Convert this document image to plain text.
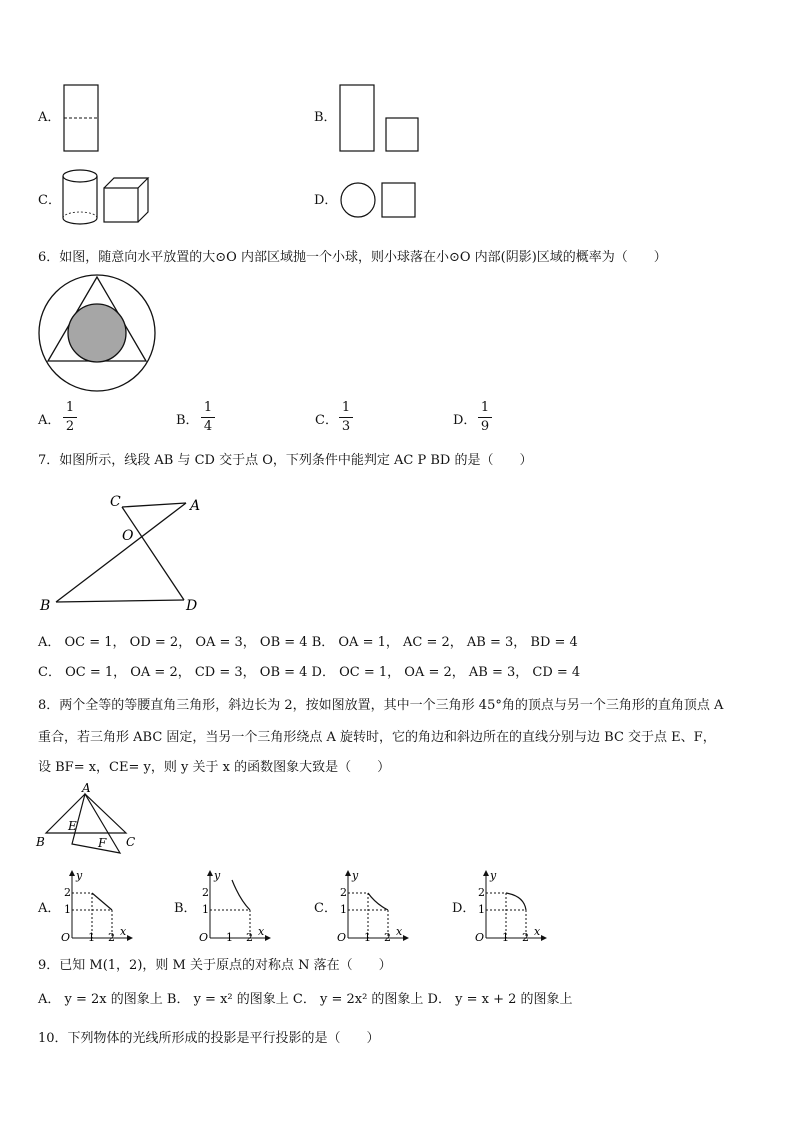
A．	B．
C．	D．
6．如图，随意向水平放置的大⊙O 内部区域抛一个小球，则小球落在小⊙O 内部(阴影)区域的概率为（　　）
A．
1
2	B．
1
4	C．
1
3	D．
1
9
7．如图所示，线段 AB 与 CD 交于点 O，下列条件中能判定 AC P BD 的是（　　）
C	A
O
B	D
A． OC = 1， OD = 2， OA = 3， OB = 4 B． OA = 1， AC = 2， AB = 3， BD = 4
C． OC = 1， OA = 2， CD = 3， OB = 4 D． OC = 1， OA = 2， AB = 3， CD = 4
8．两个全等的等腰直角三角形，斜边长为 2，按如图放置，其中一个三角形 45°角的顶点与另一个三角形的直角顶点 A
重合，若三角形 ABC 固定，当另一个三角形绕点 A 旋转时，它的角边和斜边所在的直线分别与边 BC 交于点 E、F，
设 BF= x，CE= y，则 y 关于 x 的函数图象大致是（　　）
A
B	C
E
F
A．
2
1
1 2
O
y
x
B．
2
1
1 2
O
y
x
C．
2
1
1 2
O
y
x
D．
2
1
1 2
O
y
x
9．已知 M(1，2)，则 M 关于原点的对称点 N 落在（　　）
A． y = 2x 的图象上 B． y = x² 的图象上 C． y = 2x² 的图象上 D． y = x + 2 的图象上
10．下列物体的光线所形成的投影是平行投影的是（　　）
